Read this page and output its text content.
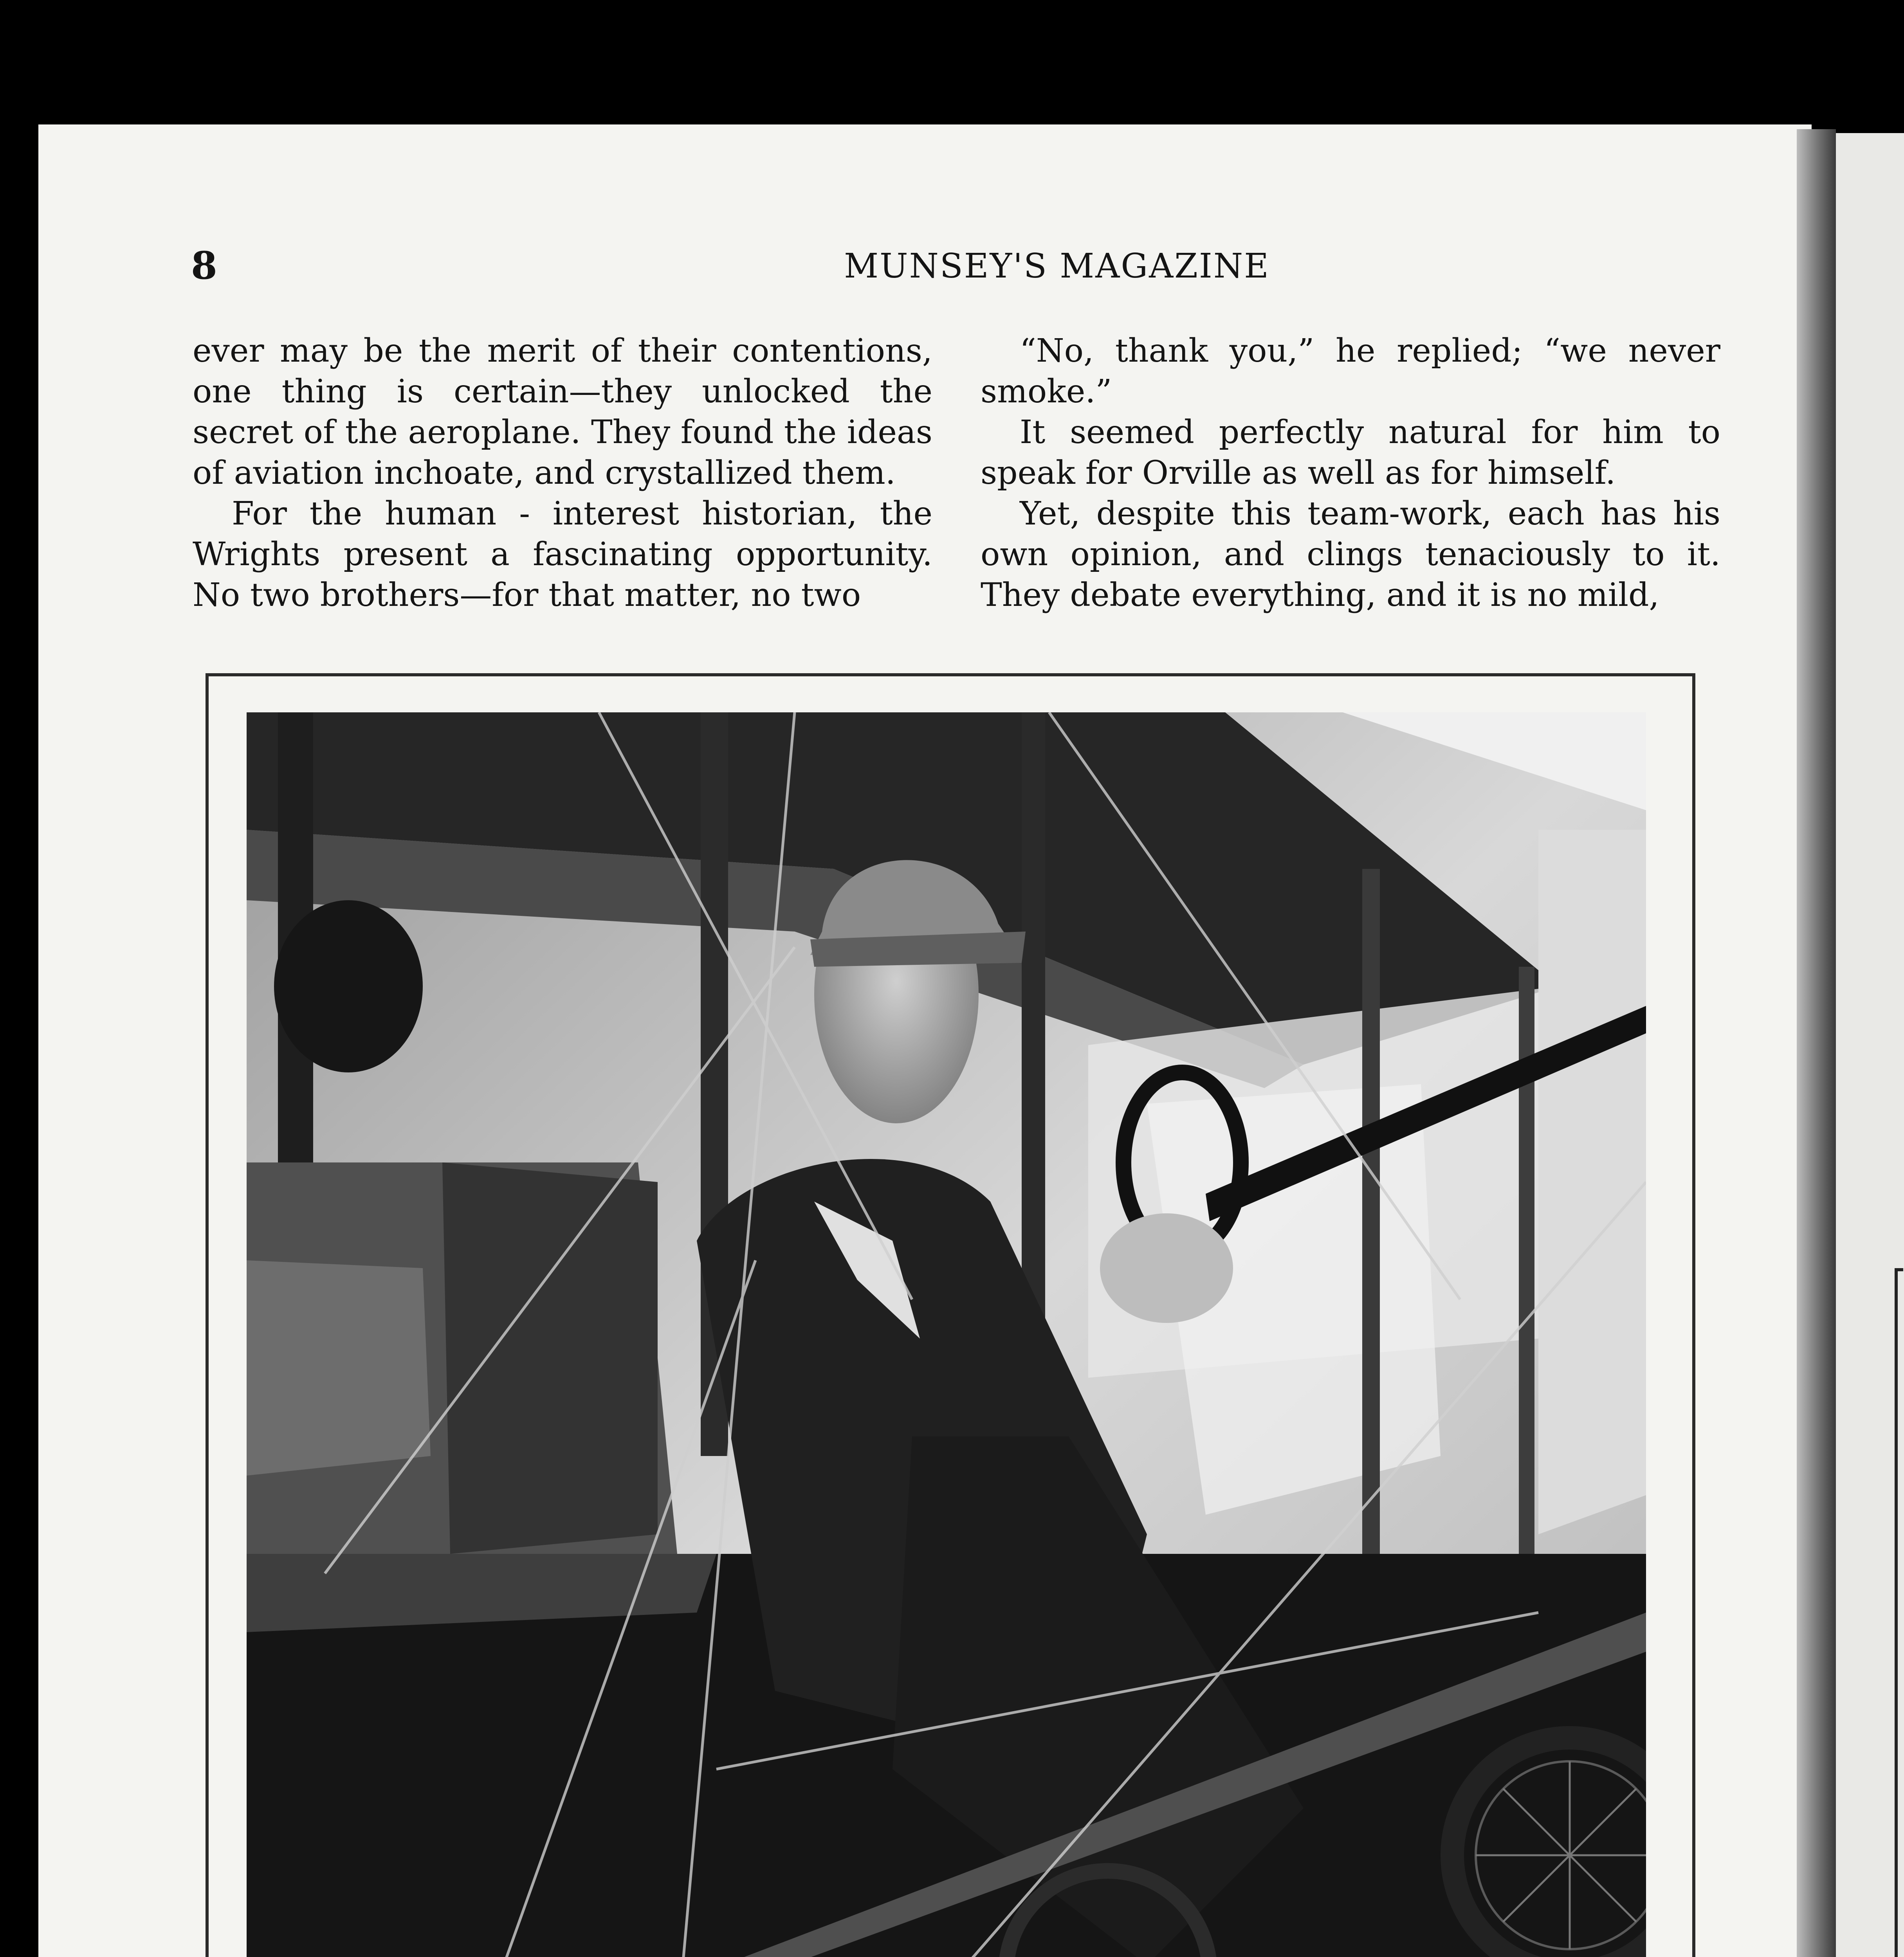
8	MUNSEY'S MAGAZINE

ever may be the merit of their contentions, one thing is certain—they unlocked the secret of the aeroplane. They found the ideas of aviation inchoate, and crystallized them.

For the human - interest historian, the Wrights present a fascinating opportunity. No two brothers—for that matter, no two

“No, thank you,” he replied; “we never smoke.”

It seemed perfectly natural for him to speak for Orville as well as for himself.

Yet, despite this team-work, each has his own opinion, and clings tenaciously to it. They debate everything, and it is no mild,
